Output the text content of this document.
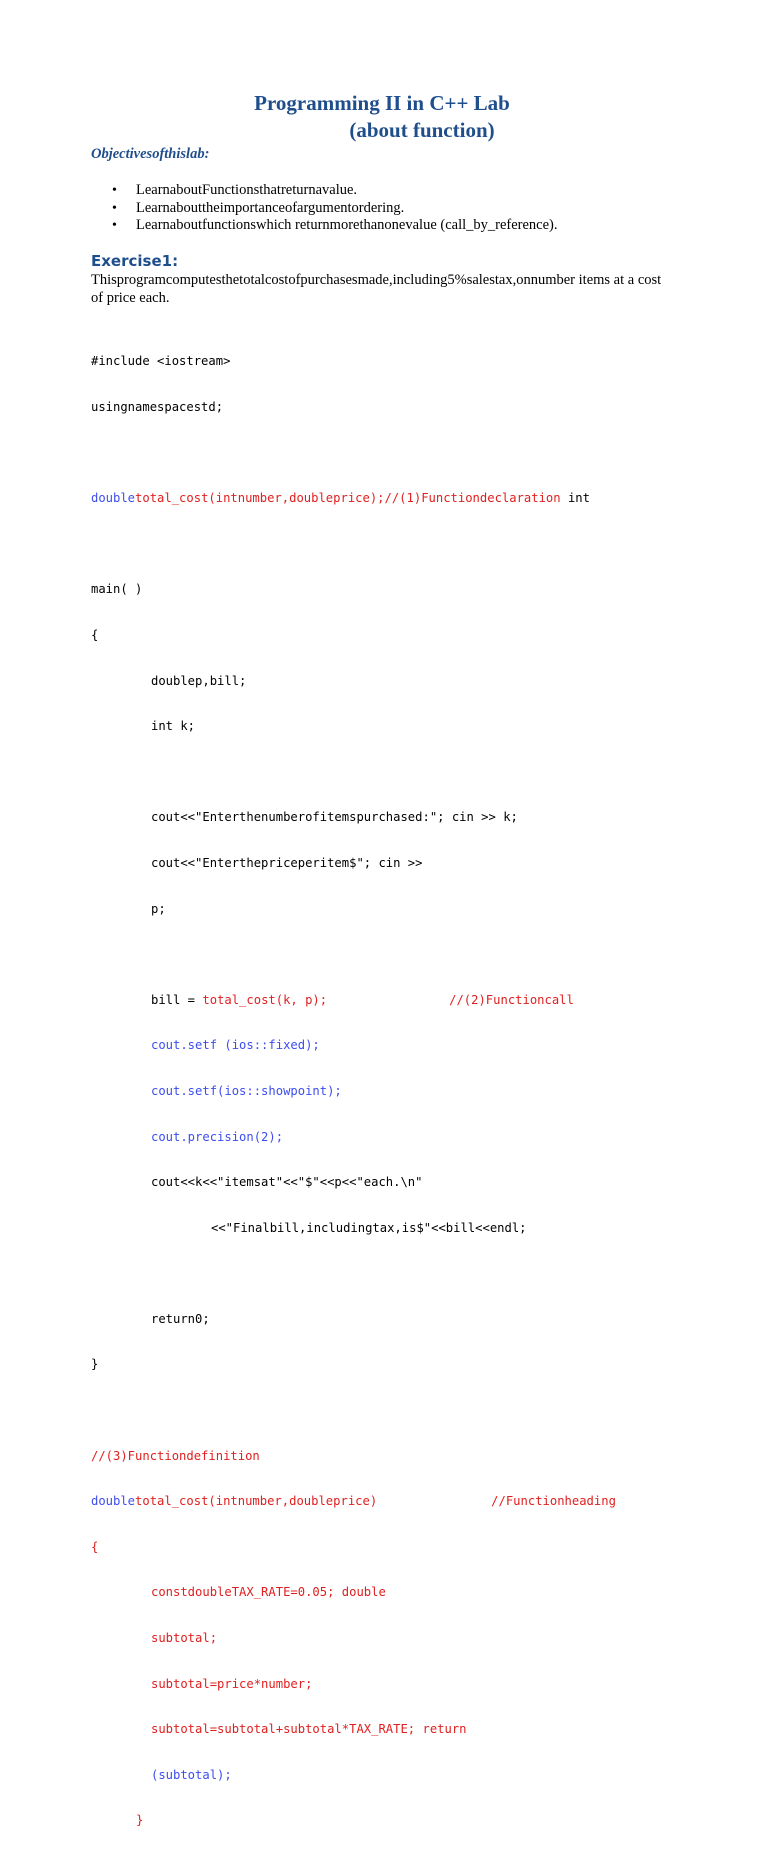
Programming II in C++ Lab
(about function)
Objectivesofthislab:
• LearnaboutFunctionsthatreturnavalue.
• Learnabouttheimportanceofargumentordering.
• Learnaboutfunctionswhich returnmorethanonevalue (call_by_reference).
Exercise1:
Thisprogramcomputesthetotalcostofpurchasesmade,including5%salestax,onnumber items at a cost of price each.

#include <iostream>

usingnamespacestd;

doubletotal_cost(intnumber,doubleprice);//(1)Functiondeclaration int

main( )

{

doublep,bill;

int k;

cout<<"Enterthenumberofitemspurchased:"; cin >> k;

cout<<"Enterthepriceperitem$"; cin >>

p;

bill = total_cost(k, p);	//(2)Functioncall

cout.setf (ios::fixed);

cout.setf(ios::showpoint);

cout.precision(2);

cout<<k<<"itemsat"<<"$"<<p<<"each.\n"

<<"Finalbill,includingtax,is$"<<bill<<endl;

return0;

}

//(3)Functiondefinition

doubletotal_cost(intnumber,doubleprice)	//Functionheading

{

constdoubleTAX_RATE=0.05; double

subtotal;

subtotal=price*number;

subtotal=subtotal+subtotal*TAX_RATE; return

(subtotal);

}
